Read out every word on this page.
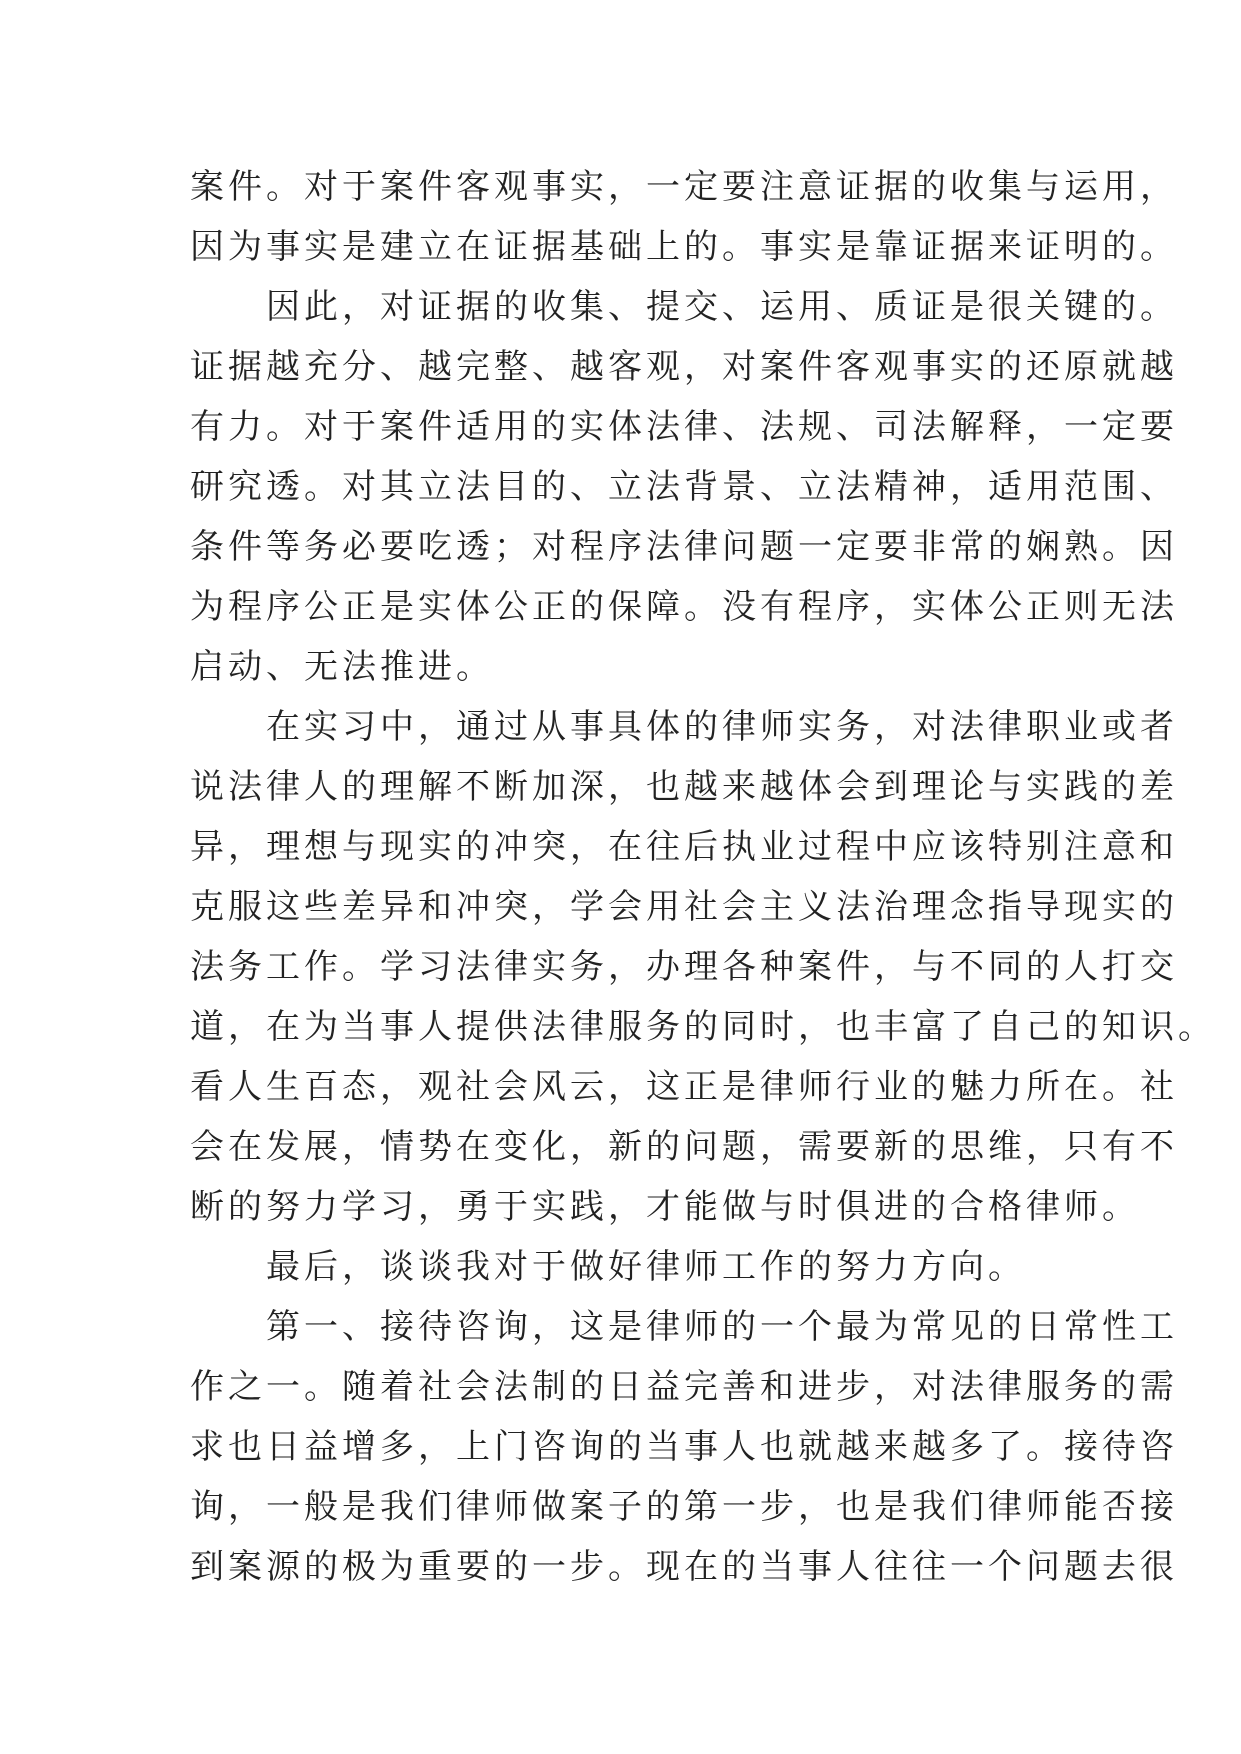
案件。对于案件客观事实，一定要注意证据的收集与运用，
因为事实是建立在证据基础上的。事实是靠证据来证明的。
因此，对证据的收集、提交、运用、质证是很关键的。
证据越充分、越完整、越客观，对案件客观事实的还原就越
有力。对于案件适用的实体法律、法规、司法解释，一定要
研究透。对其立法目的、立法背景、立法精神，适用范围、
条件等务必要吃透；对程序法律问题一定要非常的娴熟。因
为程序公正是实体公正的保障。没有程序，实体公正则无法
启动、无法推进。
在实习中，通过从事具体的律师实务，对法律职业或者
说法律人的理解不断加深，也越来越体会到理论与实践的差
异，理想与现实的冲突，在往后执业过程中应该特别注意和
克服这些差异和冲突，学会用社会主义法治理念指导现实的
法务工作。学习法律实务，办理各种案件，与不同的人打交
道，在为当事人提供法律服务的同时，也丰富了自己的知识。
看人生百态，观社会风云，这正是律师行业的魅力所在。社
会在发展，情势在变化，新的问题，需要新的思维，只有不
断的努力学习，勇于实践，才能做与时俱进的合格律师。
最后，谈谈我对于做好律师工作的努力方向。
第一、接待咨询，这是律师的一个最为常见的日常性工
作之一。随着社会法制的日益完善和进步，对法律服务的需
求也日益增多，上门咨询的当事人也就越来越多了。接待咨
询，一般是我们律师做案子的第一步，也是我们律师能否接
到案源的极为重要的一步。现在的当事人往往一个问题去很
